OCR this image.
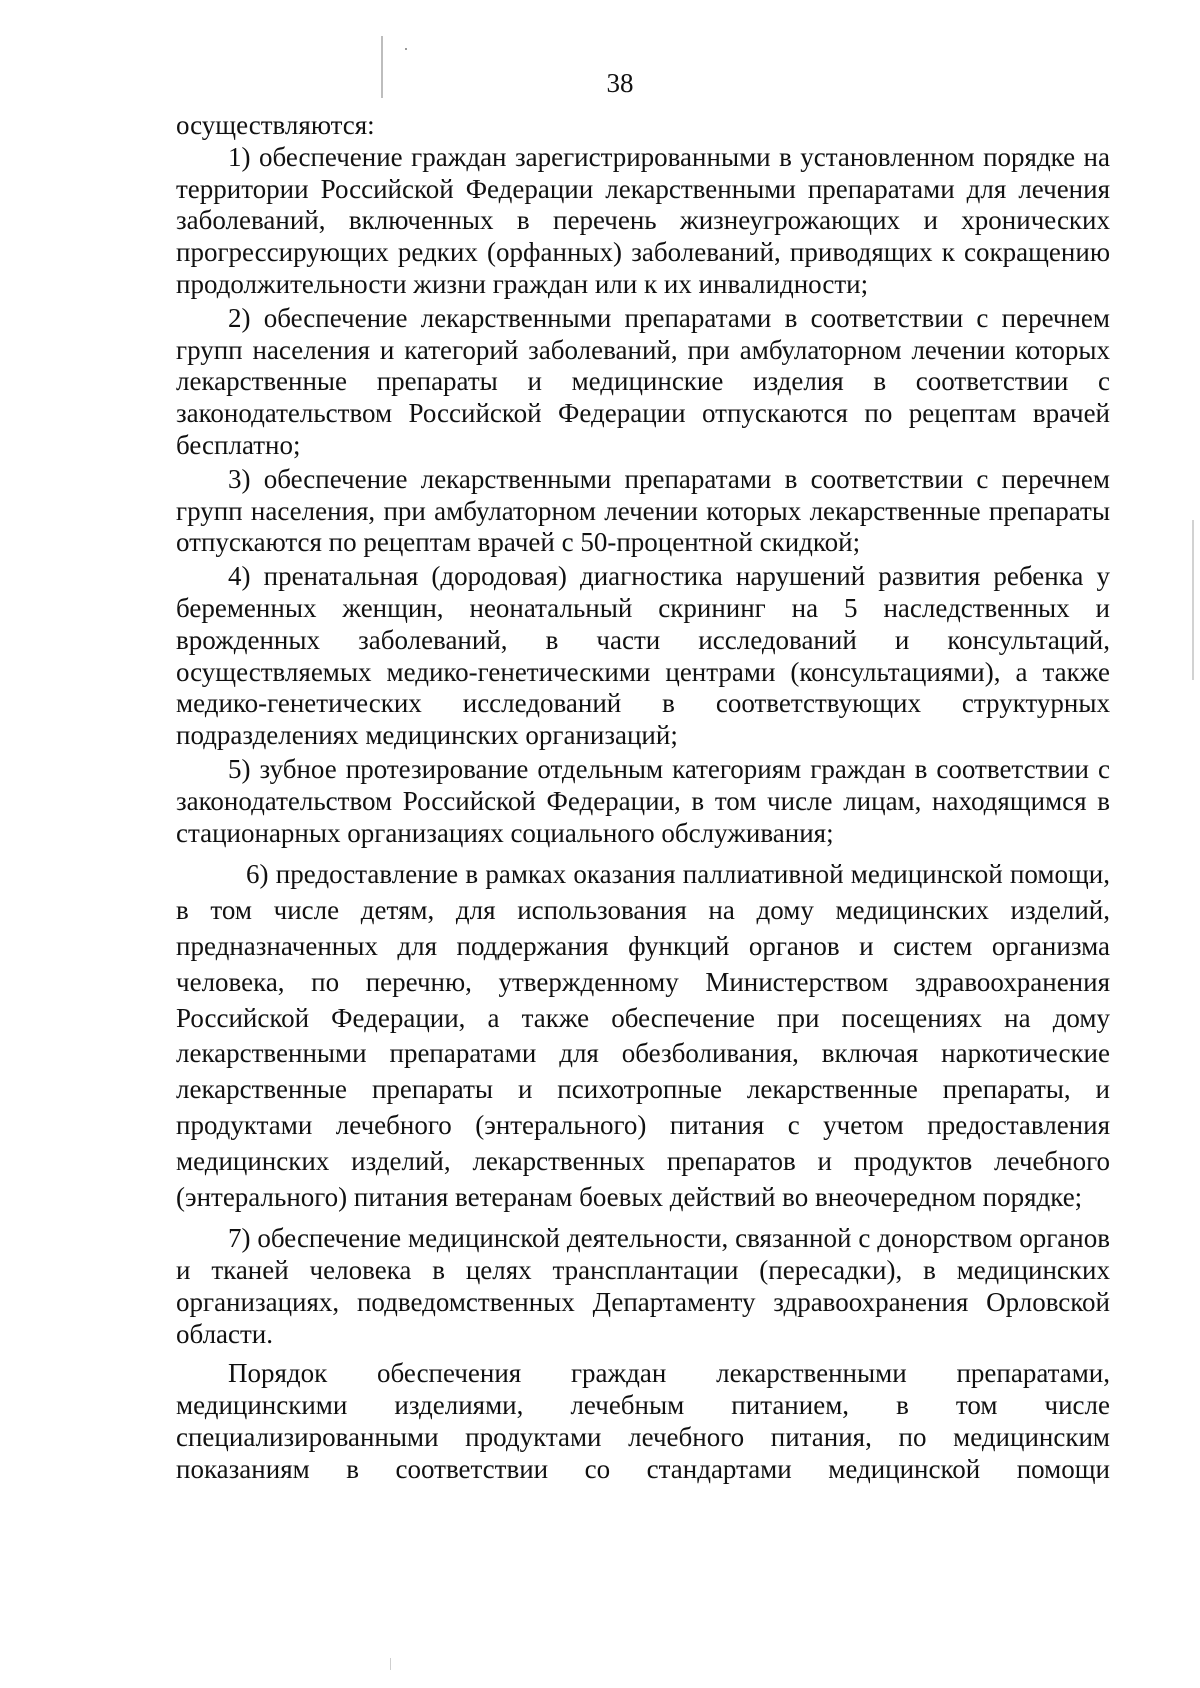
38

осуществляются:

1) обеспечение граждан зарегистрированными в установленном порядке на территории Российской Федерации лекарственными препаратами для лечения заболеваний, включенных в перечень жизнеугрожающих и хронических прогрессирующих редких (орфанных) заболеваний, приводящих к сокращению продолжительности жизни граждан или к их инвалидности;

2) обеспечение лекарственными препаратами в соответствии с перечнем групп населения и категорий заболеваний, при амбулаторном лечении которых лекарственные препараты и медицинские изделия в соответствии с законодательством Российской Федерации отпускаются по рецептам врачей бесплатно;

3) обеспечение лекарственными препаратами в соответствии с перечнем групп населения, при амбулаторном лечении которых лекарственные препараты отпускаются по рецептам врачей с 50-процентной скидкой;

4) пренатальная (дородовая) диагностика нарушений развития ребенка у беременных женщин, неонатальный скрининг на 5 наследственных и врожденных заболеваний, в части исследований и консультаций, осуществляемых медико-генетическими центрами (консультациями), а также медико-генетических исследований в соответствующих структурных подразделениях медицинских организаций;

5) зубное протезирование отдельным категориям граждан в соответствии с законодательством Российской Федерации, в том числе лицам, находящимся в стационарных организациях социального обслуживания;

6) предоставление в рамках оказания паллиативной медицинской помощи, в том числе детям, для использования на дому медицинских изделий, предназначенных для поддержания функций органов и систем организма человека, по перечню, утвержденному Министерством здравоохранения Российской Федерации, а также обеспечение при посещениях на дому лекарственными препаратами для обезболивания, включая наркотические лекарственные препараты и психотропные лекарственные препараты, и продуктами лечебного (энтерального) питания с учетом предоставления медицинских изделий, лекарственных препаратов и продуктов лечебного (энтерального) питания ветеранам боевых действий во внеочередном порядке;

7) обеспечение медицинской деятельности, связанной с донорством органов и тканей человека в целях трансплантации (пересадки), в медицинских организациях, подведомственных Департаменту здравоохранения Орловской области.

Порядок обеспечения граждан лекарственными препаратами, медицинскими изделиями, лечебным питанием, в том числе специализированными продуктами лечебного питания, по медицинским показаниям в соответствии со стандартами медицинской помощи
